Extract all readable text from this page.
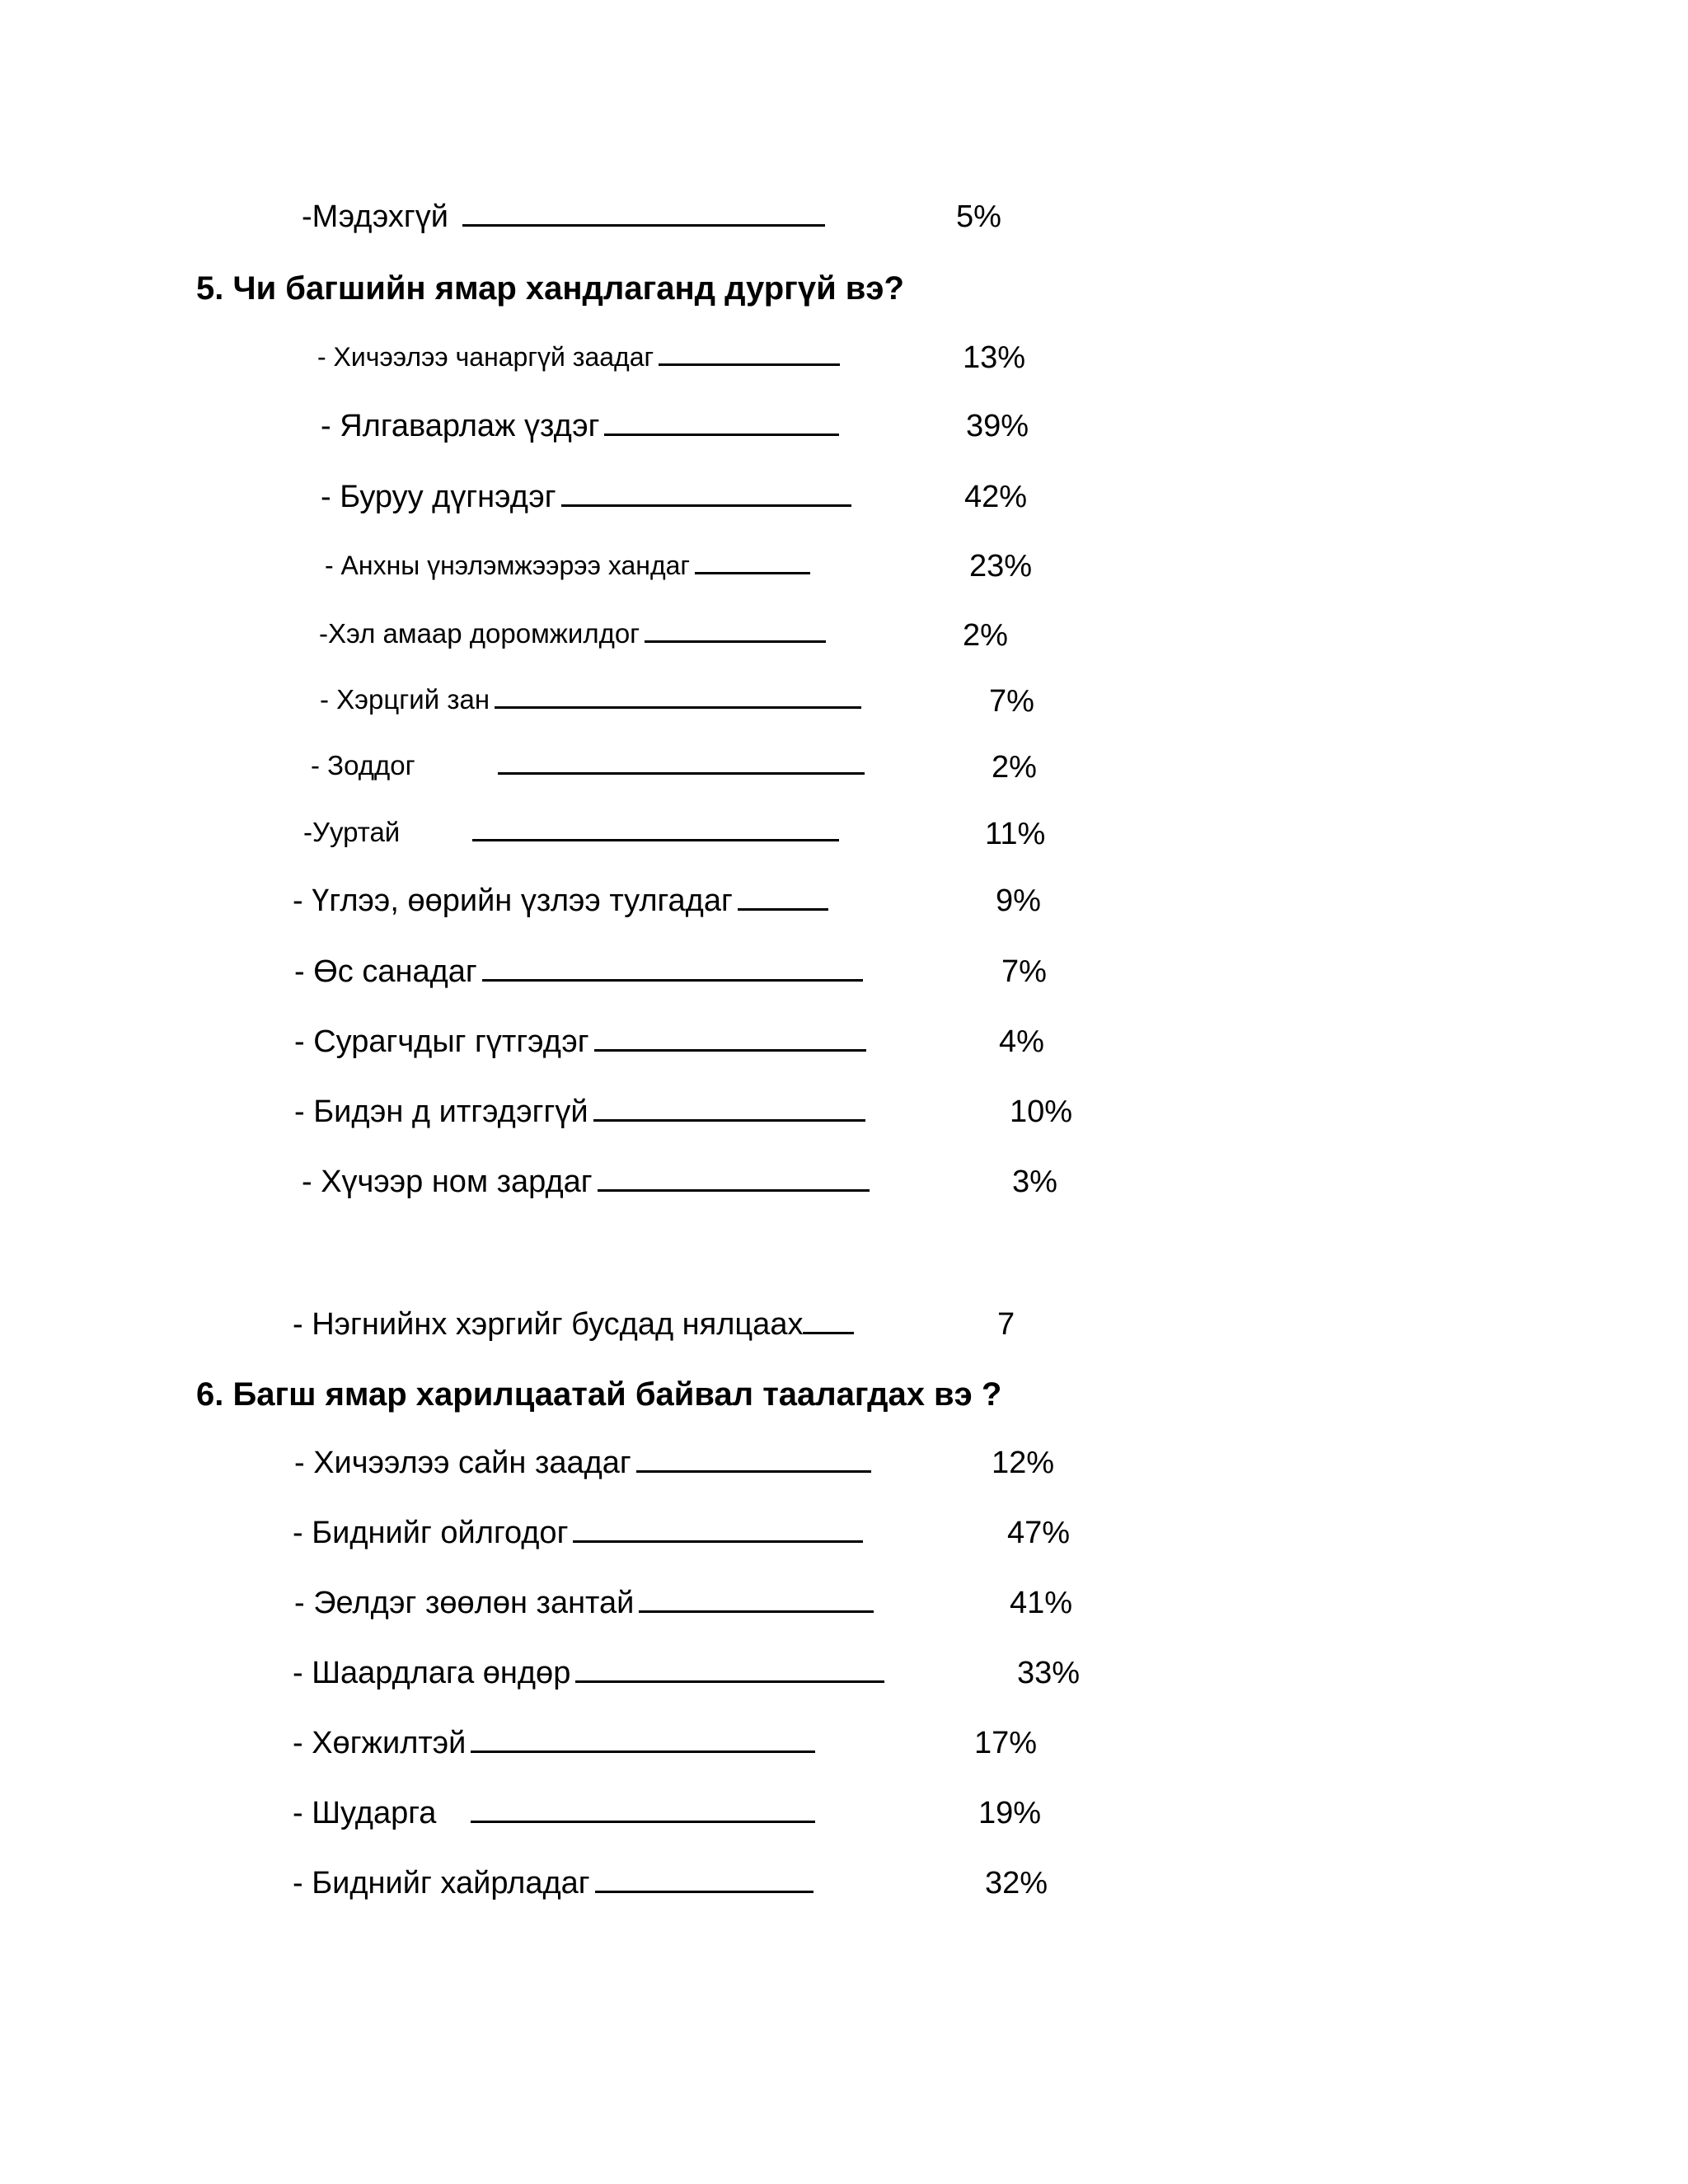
-Мэдэхгүй	5%
5. Чи багшийн ямар хандлаганд дургүй вэ?
- Хичээлээ чанаргүй заадаг	13%
- Ялгаварлаж үздэг	39%
- Буруу дүгнэдэг	42%
- Анхны үнэлэмжээрээ хандаг	23%
-Хэл амаар доромжилдог	2%
- Хэрцгий зан	7%
- Зоддог	2%
-Ууртай	11%
- Үглээ, өөрийн үзлээ тулгадаг	9%
- Өс санадаг	7%
- Сурагчдыг гүтгэдэг	4%
- Бидэн д итгэдэггүй	10%
- Хүчээр ном зардаг	3%
- Нэгнийнх хэргийг бусдад нялцаах	7
6. Багш ямар харилцаатай байвал таалагдах вэ ?
- Хичээлээ сайн заадаг	12%
- Биднийг ойлгодог	47%
- Эелдэг зөөлөн зантай	41%
- Шаардлага өндөр	33%
- Хөгжилтэй	17%
- Шударга	19%
- Биднийг хайрладаг	32%
